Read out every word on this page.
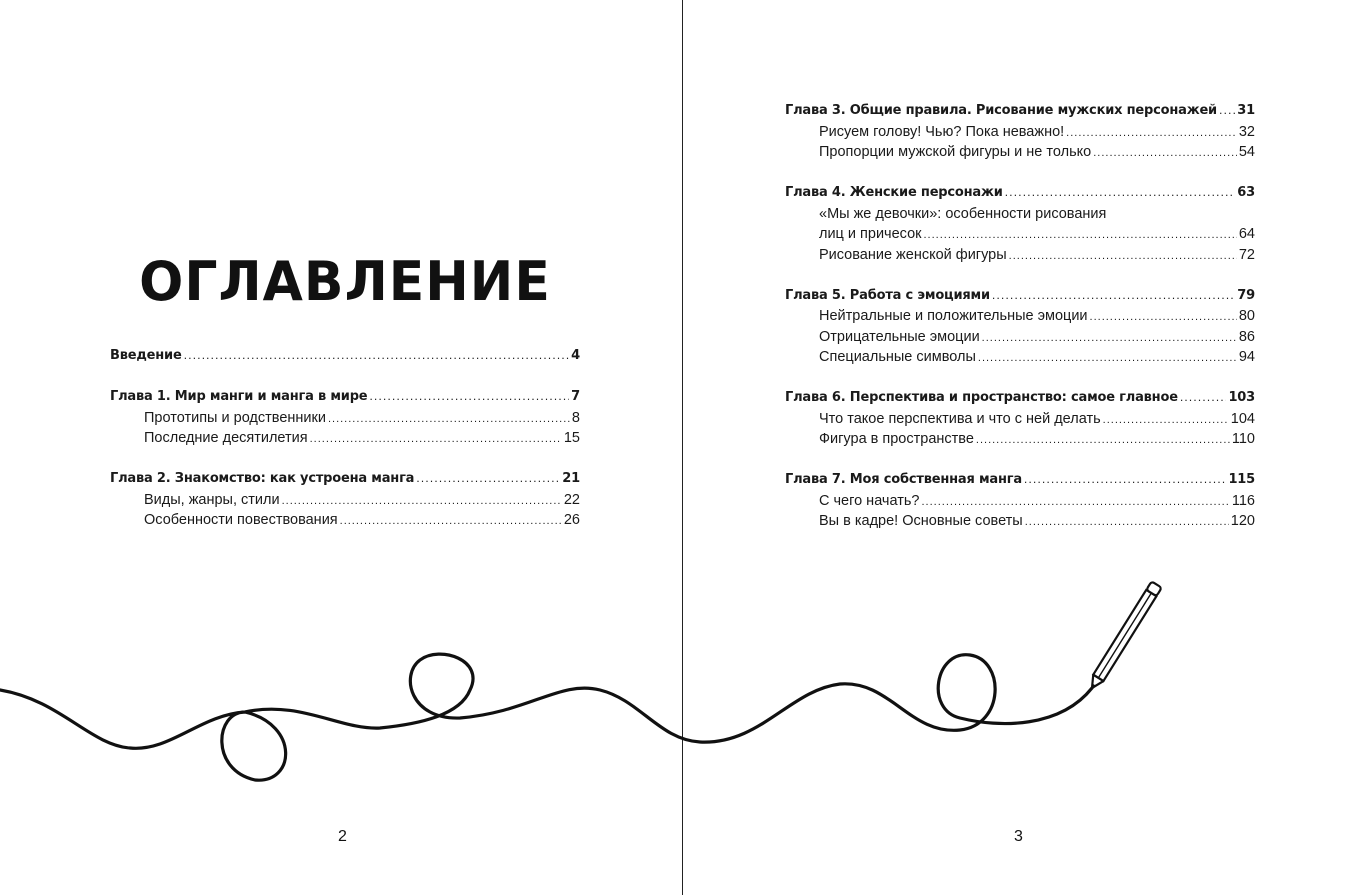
ОГЛАВЛЕНИЕ
Введение .....	4
Глава 1. Мир манги и манга в мире .....	7
Прототипы и родственники .....	8
Последние десятилетия .....	15
Глава 2. Знакомство: как устроена манга .....	21
Виды, жанры, стили .....	22
Особенности повествования .....	26
Глава 3. Общие правила. Рисование мужских персонажей ..... 31
Рисуем голову! Чью? Пока неважно! .....	32
Пропорции мужской фигуры и не только .....	54
Глава 4. Женские персонажи .....	63
«Мы же девочки»: особенности рисования
лиц и причесок .....	64
Рисование женской фигуры .....	72
Глава 5. Работа с эмоциями .....	79
Нейтральные и положительные эмоции .....	80
Отрицательные эмоции .....	86
Специальные символы .....	94
Глава 6. Перспектива и пространство: самое главное .....	103
Что такое перспектива и что с ней делать .....	104
Фигура в пространстве .....	110
Глава 7. Моя собственная манга .....	115
С чего начать? .....	116
Вы в кадре! Основные советы .....	120
2	3
